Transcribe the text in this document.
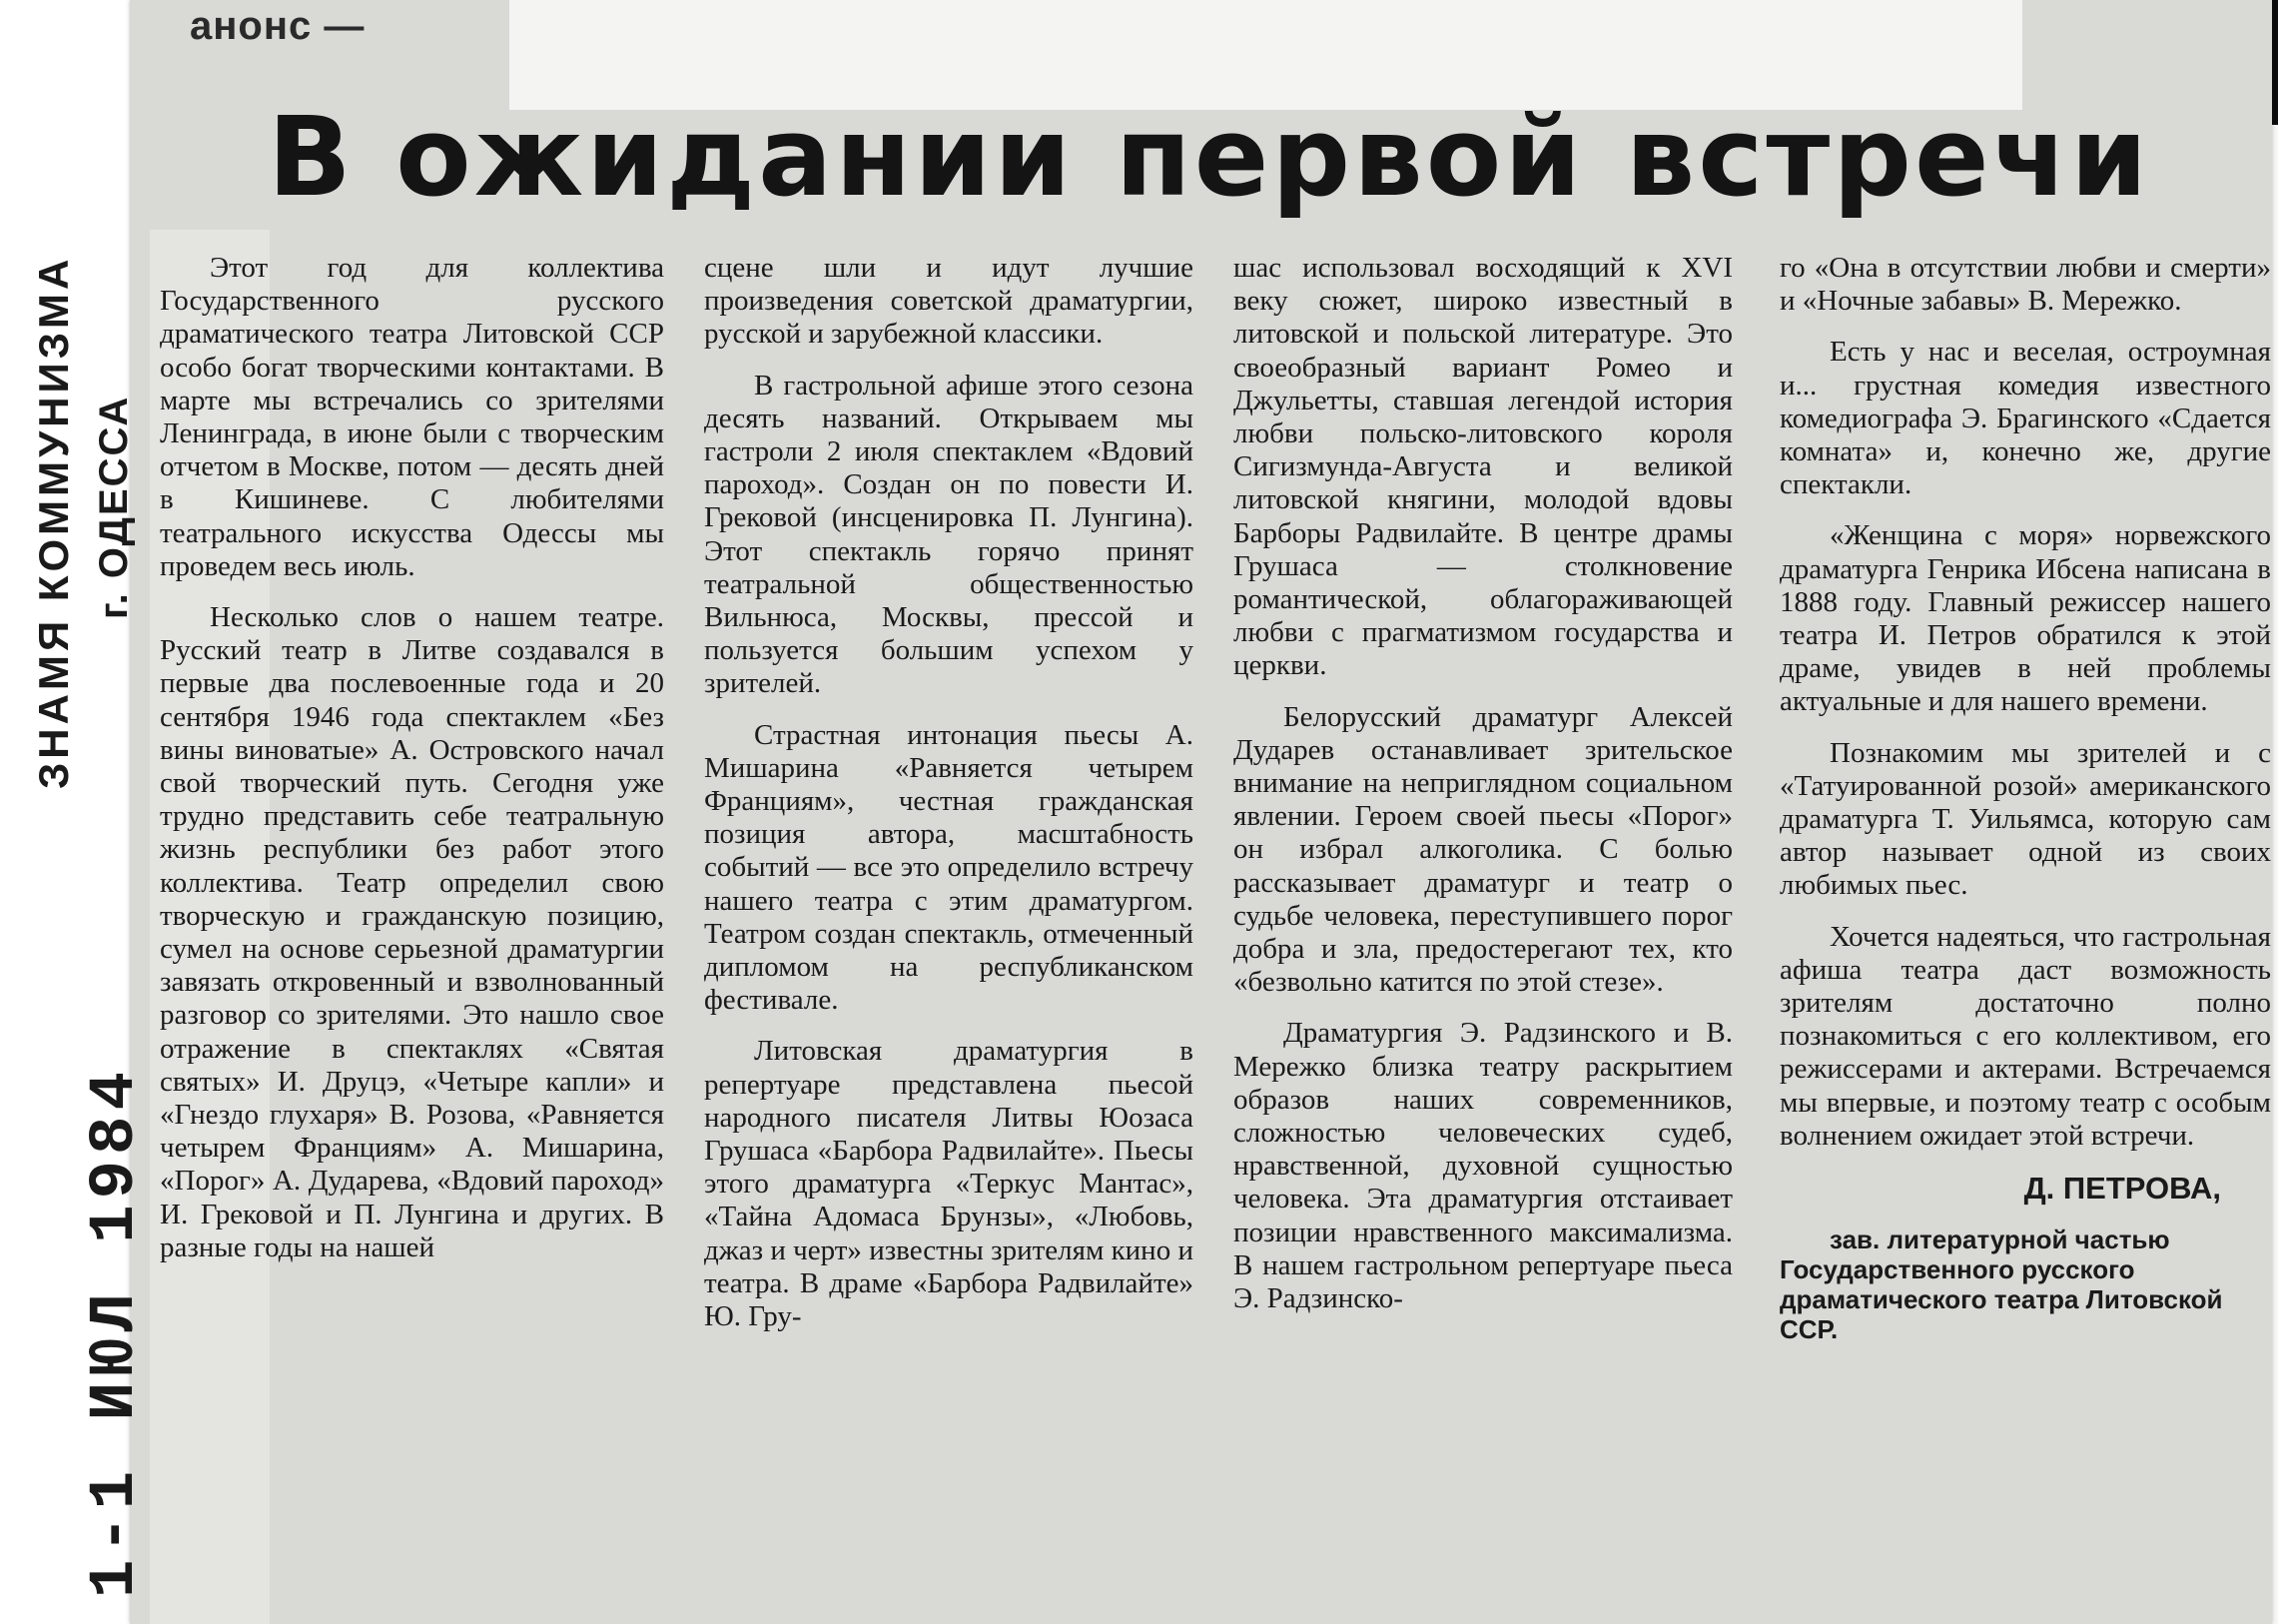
анонс —
В ожидании первой встречи
ЗНАМЯ КОММУНИЗМА г. ОДЕССА
1-1 ИЮЛ 1984

Этот год для коллектива Государственного русского драматического театра Литовской ССР особо богат творческими контактами. В марте мы встречались со зрителями Ленинграда, в июне были с творческим отчетом в Москве, потом — десять дней в Кишиневе. С любителями театрального искусства Одессы мы проведем весь июль.

Несколько слов о нашем театре. Русский театр в Литве создавался в первые два послевоенные года и 20 сентября 1946 года спектаклем «Без вины виноватые» А. Островского начал свой творческий путь. Сегодня уже трудно представить себе театральную жизнь республики без работ этого коллектива. Театр определил свою творческую и гражданскую позицию, сумел на основе серьезной драматургии завязать откровенный и взволнованный разговор со зрителями. Это нашло свое отражение в спектаклях «Святая святых» И. Друцэ, «Четыре капли» и «Гнездо глухаря» В. Розова, «Равняется четырем Франциям» А. Мишарина, «Порог» А. Дударева, «Вдовий пароход» И. Грековой и П. Лунгина и других. В разные годы на нашей

сцене шли и идут лучшие произведения советской драматургии, русской и зарубежной классики.

В гастрольной афише этого сезона десять названий. Открываем мы гастроли 2 июля спектаклем «Вдовий пароход». Создан он по повести И. Грековой (инсценировка П. Лунгина). Этот спектакль горячо принят театральной общественностью Вильнюса, Москвы, прессой и пользуется большим успехом у зрителей.

Страстная интонация пьесы А. Мишарина «Равняется четырем Франциям», честная гражданская позиция автора, масштабность событий — все это определило встречу нашего театра с этим драматургом. Театром создан спектакль, отмеченный дипломом на республиканском фестивале.

Литовская драматургия в репертуаре представлена пьесой народного писателя Литвы Юозаса Грушаса «Барбора Радвилайте». Пьесы этого драматурга «Теркус Мантас», «Тайна Адомаса Брунзы», «Любовь, джаз и черт» известны зрителям кино и театра. В драме «Барбора Радвилайте» Ю. Гру-

шас использовал восходящий к XVI веку сюжет, широко известный в литовской и польской литературе. Это своеобразный вариант Ромео и Джульетты, ставшая легендой история любви польско-литовского короля Сигизмунда-Августа и великой литовской княгини, молодой вдовы Барборы Радвилайте. В центре драмы Грушаса — столкновение романтической, облагораживающей любви с прагматизмом государства и церкви.

Белорусский драматург Алексей Дударев останавливает зрительское внимание на неприглядном социальном явлении. Героем своей пьесы «Порог» он избрал алкоголика. С болью рассказывает драматург и театр о судьбе человека, переступившего порог добра и зла, предостерегают тех, кто «безвольно катится по этой стезе».

Драматургия Э. Радзинского и В. Мережко близка театру раскрытием образов наших современников, сложностью человеческих судеб, нравственной, духовной сущностью человека. Эта драматургия отстаивает позиции нравственного максимализма. В нашем гастрольном репертуаре пьеса Э. Радзинско-

го «Она в отсутствии любви и смерти» и «Ночные забавы» В. Мережко.

Есть у нас и веселая, остроумная и... грустная комедия известного комедиографа Э. Брагинского «Сдается комната» и, конечно же, другие спектакли.

«Женщина с моря» норвежского драматурга Генрика Ибсена написана в 1888 году. Главный режиссер нашего театра И. Петров обратился к этой драме, увидев в ней проблемы актуальные и для нашего времени.

Познакомим мы зрителей и с «Татуированной розой» американского драматурга Т. Уильямса, которую сам автор называет одной из своих любимых пьес.

Хочется надеяться, что гастрольная афиша театра даст возможность зрителям достаточно полно познакомиться с его коллективом, его режиссерами и актерами. Встречаемся мы впервые, и поэтому театр с особым волнением ожидает этой встречи.

Д. ПЕТРОВА,

зав. литературной частью Государственного русского драматического театра Литовской ССР.
